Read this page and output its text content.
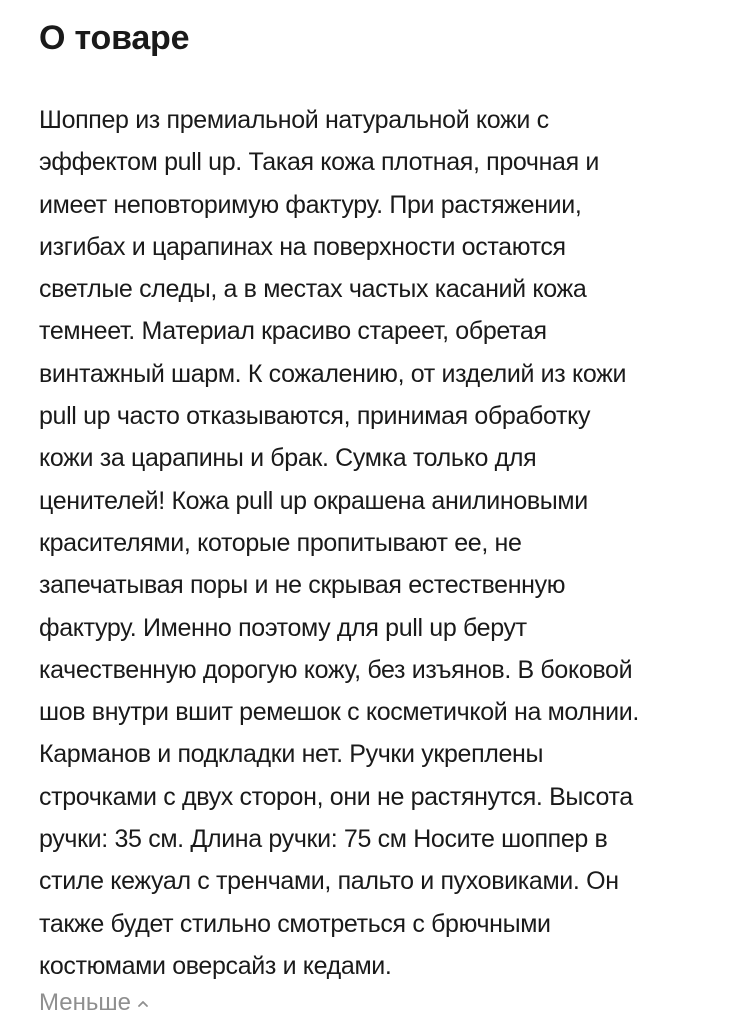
О товаре
Шоппер из премиальной натуральной кожи с
эффектом pull up. Такая кожа плотная, прочная и
имеет неповторимую фактуру. При растяжении,
изгибах и царапинах на поверхности остаются
светлые следы, а в местах частых касаний кожа
темнеет. Материал красиво стареет, обретая
винтажный шарм. К сожалению, от изделий из кожи
pull up часто отказываются, принимая обработку
кожи за царапины и брак. Сумка только для
ценителей! Кожа pull up окрашена анилиновыми
красителями, которые пропитывают ее, не
запечатывая поры и не скрывая естественную
фактуру. Именно поэтому для pull up берут
качественную дорогую кожу, без изъянов. В боковой
шов внутри вшит ремешок с косметичкой на молнии.
Карманов и подкладки нет. Ручки укреплены
строчками с двух сторон, они не растянутся. Высота
ручки: 35 см. Длина ручки: 75 см Носите шоппер в
стиле кежуал с тренчами, пальто и пуховиками. Он
также будет стильно смотреться с брючными
костюмами оверсайз и кедами.
Меньше
